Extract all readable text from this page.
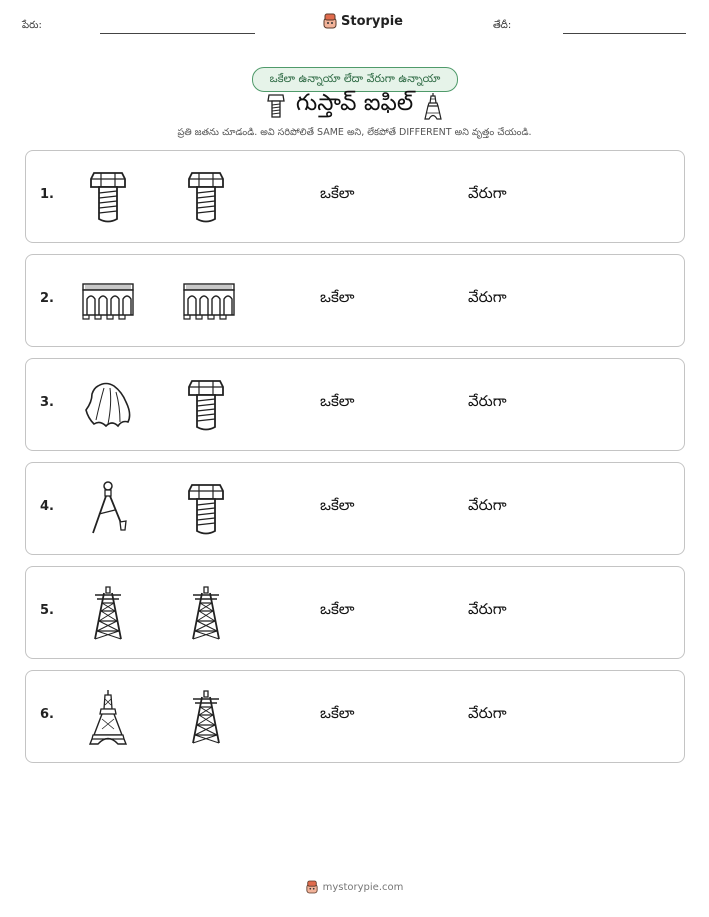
పేరు:	Storypie	తేదీ:
ఒకేలా ఉన్నాయా లేదా వేరుగా ఉన్నాయా
గుస్తావ్ ఐఫిల్
ప్రతి జతను చూడండి. అవి సరిపోలితే SAME అని, లేకపోతే DIFFERENT అని వృత్తం చేయండి.
1.	ఒకేలా	వేరుగా
2.	ఒకేలా	వేరుగా
3.	ఒకేలా	వేరుగా
4.	ఒకేలా	వేరుగా
5.	ఒకేలా	వేరుగా
6.	ఒకేలా	వేరుగా
mystorypie.com
